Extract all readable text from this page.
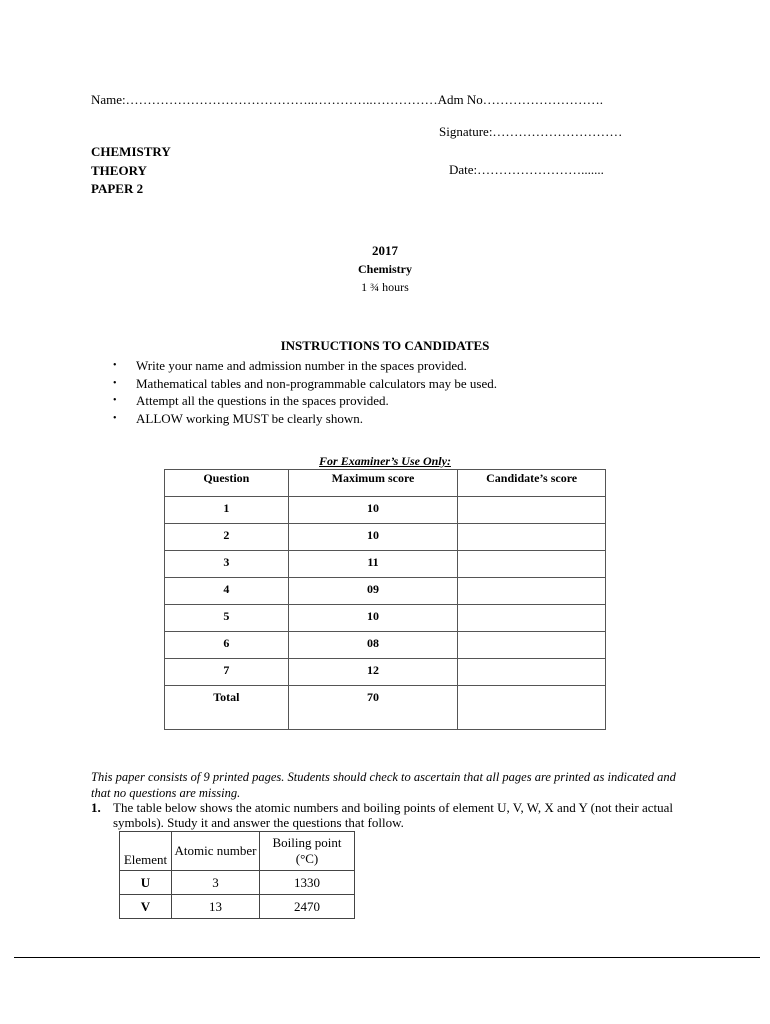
Name:……………………………………..…………..……………Adm No……………………….
Signature:…………………………
CHEMISTRY
THEORY
PAPER 2
Date:…………………….......
2017
Chemistry
1 ¾ hours
INSTRUCTIONS TO CANDIDATES
• Write your name and admission number in the spaces provided.
• Mathematical tables and non-programmable calculators may be used.
• Attempt all the questions in the spaces provided.
• ALLOW working MUST be clearly shown.
For Examiner’s Use Only:
Question	Maximum score	Candidate’s score
1	10	
2	10	
3	11	
4	09	
5	10	
6	08	
7	12	
Total	70	
This paper consists of 9 printed pages. Students should check to ascertain that all pages are printed as indicated and that no questions are missing.
1. The table below shows the atomic numbers and boiling points of element U, V, W, X and Y (not their actual symbols). Study it and answer the questions that follow.
Element	Atomic number	Boiling point (°C)
U	3	1330
V	13	2470
